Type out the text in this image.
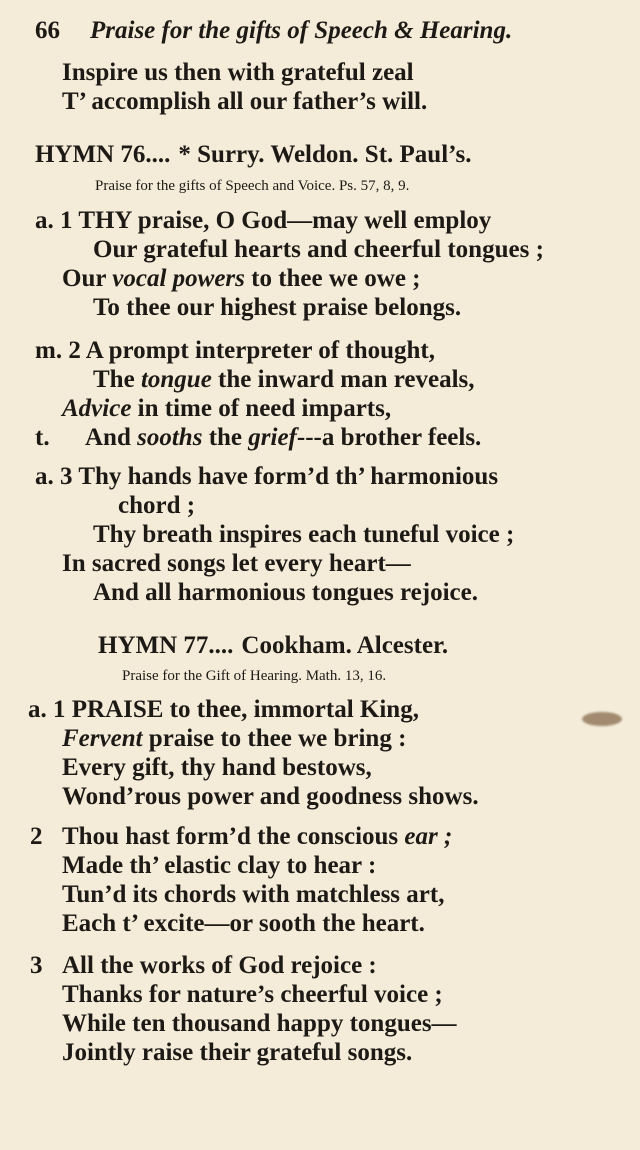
66 Praise for the gifts of Speech & Hearing.
Inspire us then with grateful zeal
T’ accomplish all our father’s will.
HYMN 76.... * Surry. Weldon. St. Paul’s.
Praise for the gifts of Speech and Voice. Ps. 57, 8, 9.
a. 1 THY praise, O God—may well employ
Our grateful hearts and cheerful tongues ;
Our vocal powers to thee we owe ;
To thee our highest praise belongs.
m. 2 A prompt interpreter of thought,
The tongue the inward man reveals,
Advice in time of need imparts,
t. And sooths the grief---a brother feels.
a. 3 Thy hands have form’d th’ harmonious
chord ;
Thy breath inspires each tuneful voice ;
In sacred songs let every heart—
And all harmonious tongues rejoice.
HYMN 77.... Cookham. Alcester.
Praise for the Gift of Hearing. Math. 13, 16.
a. 1 PRAISE to thee, immortal King,
Fervent praise to thee we bring :
Every gift, thy hand bestows,
Wond’rous power and goodness shows.
2 Thou hast form’d the conscious ear ;
Made th’ elastic clay to hear :
Tun’d its chords with matchless art,
Each t’ excite—or sooth the heart.
3 All the works of God rejoice :
Thanks for nature’s cheerful voice ;
While ten thousand happy tongues—
Jointly raise their grateful songs.
